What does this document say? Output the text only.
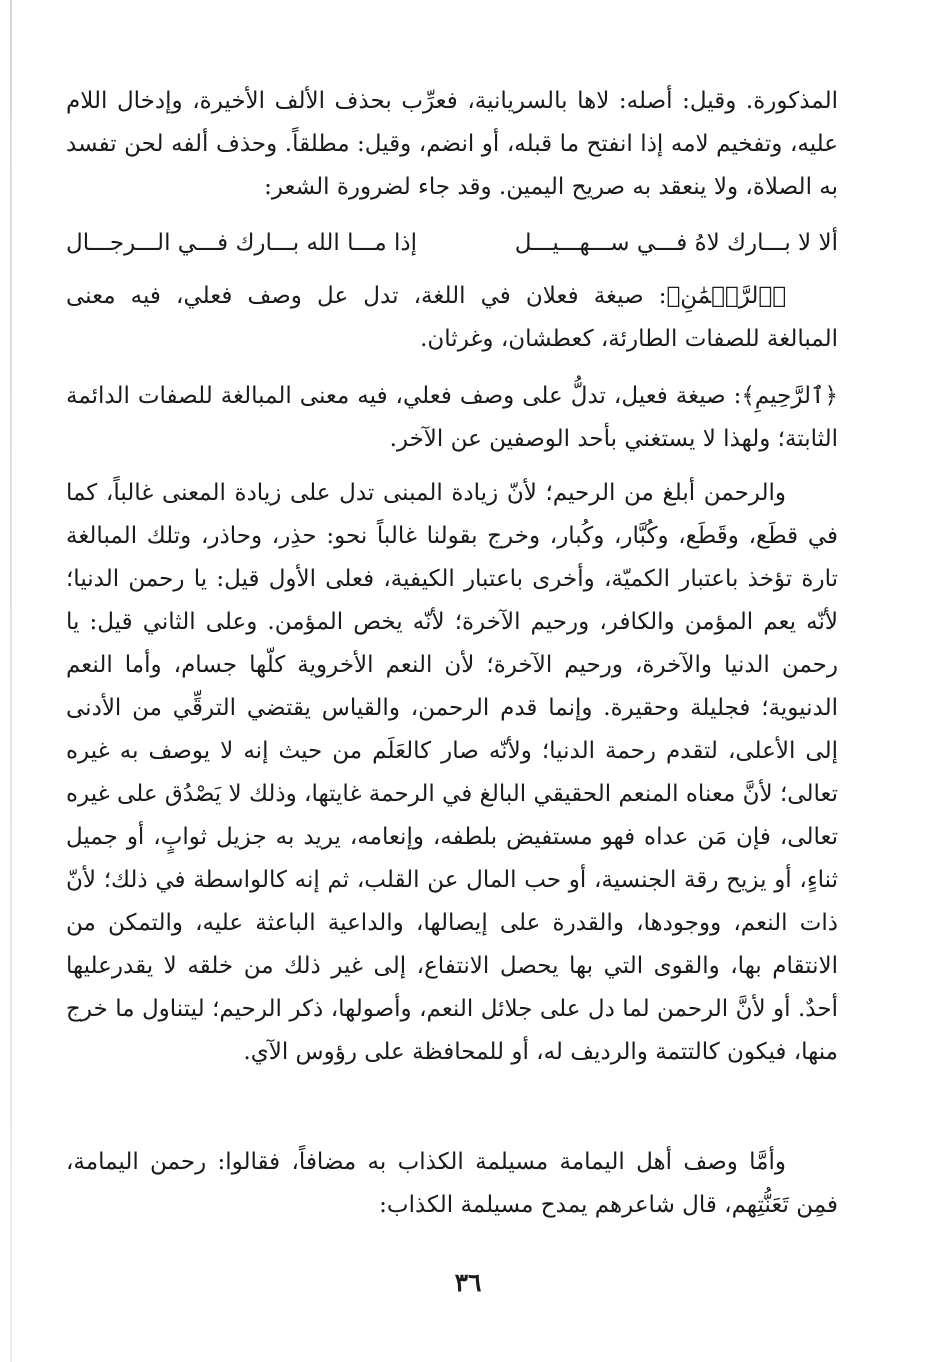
المذكورة. وقيل: أصله: لاها بالسريانية، فعرِّب بحذف الألف الأخيرة، وإدخال اللام عليه، وتفخيم لامه إذا انفتح ما قبله، أو انضم، وقيل: مطلقاً. وحذف ألفه لحن تفسد به الصلاة، ولا ينعقد به صريح اليمين. وقد جاء لضرورة الشعر:

ألا لا بـــارك لاهُ فـــي ســـهـــيـــل
إذا مـــا الله بـــارك فـــي الـــرجـــال

﴿ٱلرَّحۡمَٰنِ﴾: صيغة فعلان في اللغة، تدل عل وصف فعلي، فيه معنى المبالغة للصفات الطارئة، كعطشان، وغرثان.

﴿ٱلرَّحِيمِ﴾: صيغة فعيل، تدلُّ على وصف فعلي، فيه معنى المبالغة للصفات الدائمة الثابتة؛ ولهذا لا يستغني بأحد الوصفين عن الآخر.

والرحمن أبلغ من الرحيم؛ لأنّ زيادة المبنى تدل على زيادة المعنى غالباً، كما في قطَع، وقَطَع، وكُبَّار، وكُبار، وخرج بقولنا غالباً نحو: حذِر، وحاذر، وتلك المبالغة تارة تؤخذ باعتبار الكميّة، وأخرى باعتبار الكيفية، فعلى الأول قيل: يا رحمن الدنيا؛ لأنّه يعم المؤمن والكافر، ورحيم الآخرة؛ لأنّه يخص المؤمن. وعلى الثاني قيل: يا رحمن الدنيا والآخرة، ورحيم الآخرة؛ لأن النعم الأخروية كلّها جسام، وأما النعم الدنيوية؛ فجليلة وحقيرة. وإنما قدم الرحمن، والقياس يقتضي الترقِّي من الأدنى إلى الأعلى، لتقدم رحمة الدنيا؛ ولأنّه صار كالعَلَم من حيث إنه لا يوصف به غيره تعالى؛ لأنَّ معناه المنعم الحقيقي البالغ في الرحمة غايتها، وذلك لا يَصْدُق على غيره تعالى، فإن مَن عداه فهو مستفيض بلطفه، وإنعامه، يريد به جزيل ثوابٍ، أو جميل ثناءٍ، أو يزيح رقة الجنسية، أو حب المال عن القلب، ثم إنه كالواسطة في ذلك؛ لأنّ ذات النعم، ووجودها، والقدرة على إيصالها، والداعية الباعثة عليه، والتمكن من الانتقام بها، والقوى التي بها يحصل الانتفاع، إلى غير ذلك من خلقه لا يقدرعليها أحدٌ. أو لأنَّ الرحمن لما دل على جلائل النعم، وأصولها، ذكر الرحيم؛ ليتناول ما خرج منها، فيكون كالتتمة والرديف له، أو للمحافظة على رؤوس الآي.

وأمَّا وصف أهل اليمامة مسيلمة الكذاب به مضافاً، فقالوا: رحمن اليمامة، فمِن تَعَنُّتِهم، قال شاعرهم يمدح مسيلمة الكذاب:

٣٦
